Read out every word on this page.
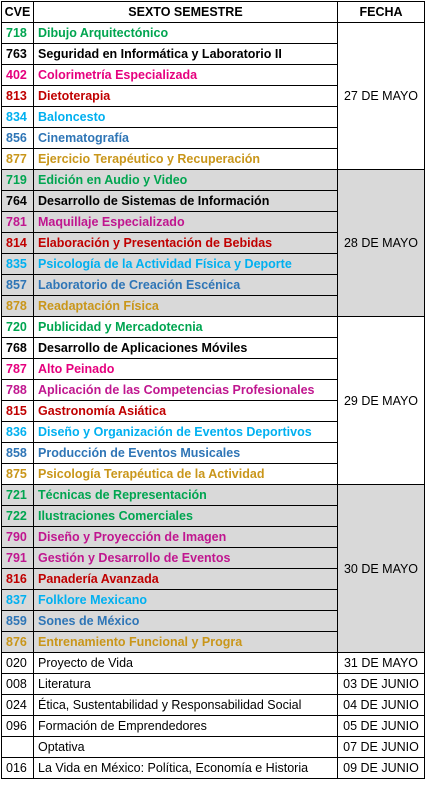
CVE	SEXTO SEMESTRE	FECHA
718	Dibujo Arquitectónico	27 DE MAYO
763	Seguridad en Informática y Laboratorio II	
402	Colorimetría Especializada	
813	Dietoterapia	
834	Baloncesto	
856	Cinematografía	
877	Ejercicio Terapéutico y Recuperación	
719	Edición en Audio y Video	28 DE MAYO
764	Desarrollo de Sistemas de Información	
781	Maquillaje Especializado	
814	Elaboración y Presentación de Bebidas	
835	Psicología de la Actividad Física y Deporte	
857	Laboratorio de Creación Escénica	
878	Readaptación Física	
720	Publicidad y Mercadotecnia	29 DE MAYO
768	Desarrollo de Aplicaciones Móviles	
787	Alto Peinado	
788	Aplicación de las Competencias Profesionales	
815	Gastronomía Asiática	
836	Diseño y Organización de Eventos Deportivos	
858	Producción de Eventos Musicales	
875	Psicología Terapéutica de la Actividad	
721	Técnicas de Representación	30 DE MAYO
722	Ilustraciones Comerciales	
790	Diseño y Proyección de Imagen	
791	Gestión y Desarrollo de Eventos	
816	Panadería Avanzada	
837	Folklore Mexicano	
859	Sones de México	
876	Entrenamiento Funcional y Progra	
020	Proyecto de Vida	31 DE MAYO
008	Literatura	03 DE JUNIO
024	Ética, Sustentabilidad y Responsabilidad Social	04 DE JUNIO
096	Formación de Emprendedores	05 DE JUNIO
	Optativa	07 DE JUNIO
016	La Vida en México: Política, Economía e Historia	09 DE JUNIO
